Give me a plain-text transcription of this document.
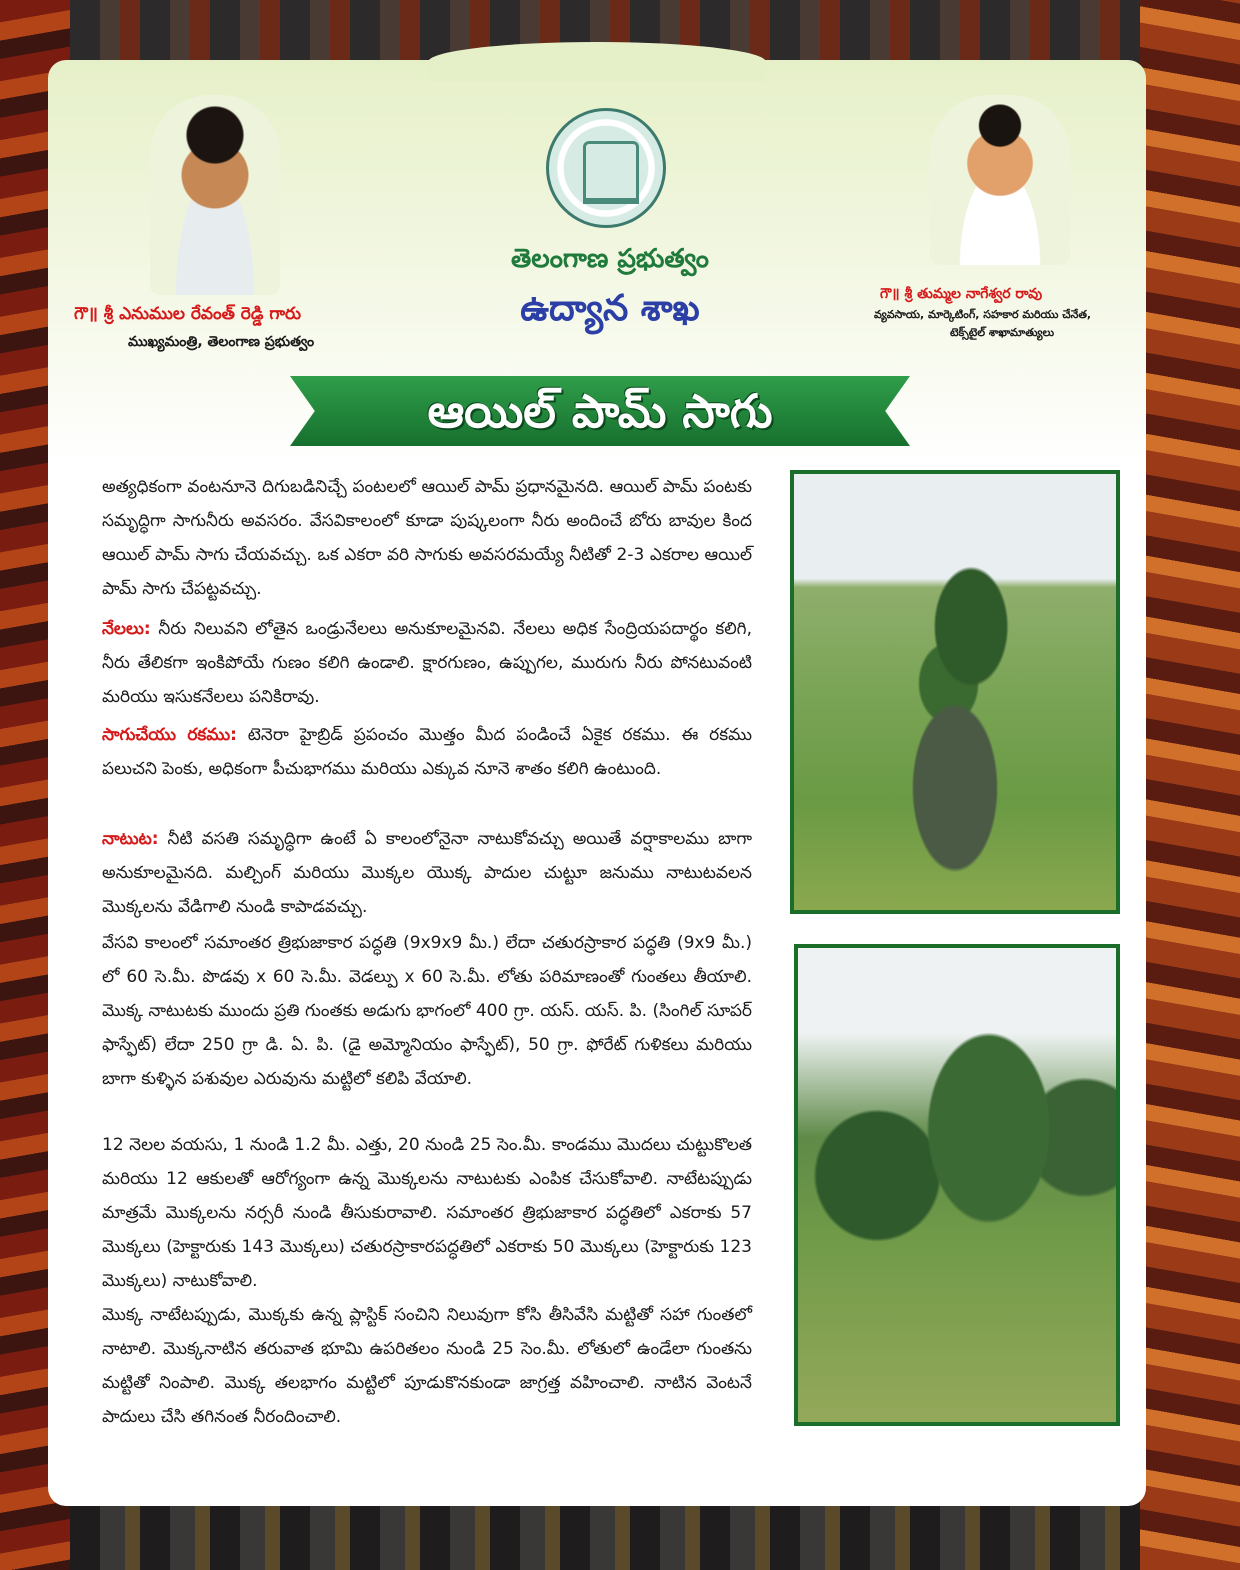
గౌ॥ శ్రీ ఎనుముల రేవంత్ రెడ్డి గారు
ముఖ్యమంత్రి, తెలంగాణ ప్రభుత్వం
గౌ॥ శ్రీ తుమ్మల నాగేశ్వర రావు
వ్యవసాయ, మార్కెటింగ్, సహకార మరియు చేనేత,
టెక్స్‌టైల్ శాఖామాత్యులు
తెలంగాణ ప్రభుత్వం
ఉద్యాన శాఖ
ఆయిల్ పామ్ సాగు

అత్యధికంగా వంటనూనె దిగుబడినిచ్చే పంటలలో ఆయిల్ పామ్ ప్రధానమైనది. ఆయిల్ పామ్ పంటకు సమృద్ధిగా సాగునీరు అవసరం. వేసవికాలంలో కూడా పుష్కలంగా నీరు అందించే బోరు బావుల కింద ఆయిల్ పామ్ సాగు చేయవచ్చు. ఒక ఎకరా వరి సాగుకు అవసరమయ్యే నీటితో 2-3 ఎకరాల ఆయిల్ పామ్ సాగు చేపట్టవచ్చు.

నేలలు: నీరు నిలువని లోతైన ఒండ్రునేలలు అనుకూలమైనవి. నేలలు అధిక సేంద్రియపదార్థం కలిగి, నీరు తేలికగా ఇంకిపోయే గుణం కలిగి ఉండాలి. క్షారగుణం, ఉప్పుగల, మురుగు నీరు పోనటువంటి మరియు ఇసుకనేలలు పనికిరావు.

సాగుచేయు రకము: టెనెరా హైబ్రిడ్ ప్రపంచం మొత్తం మీద పండించే ఏకైక రకము. ఈ రకము పలుచని పెంకు, అధికంగా పీచుభాగము మరియు ఎక్కువ నూనె శాతం కలిగి ఉంటుంది.

నాటుట: నీటి వసతి సమృద్ధిగా ఉంటే ఏ కాలంలోనైనా నాటుకోవచ్చు అయితే వర్షాకాలము బాగా అనుకూలమైనది. మల్చింగ్ మరియు మొక్కల యొక్క పాదుల చుట్టూ జనుము నాటుటవలన మొక్కలను వేడిగాలి నుండి కాపాడవచ్చు.

వేసవి కాలంలో సమాంతర త్రిభుజాకార పద్ధతి (9x9x9 మీ.) లేదా చతురస్రాకార పద్ధతి (9x9 మీ.) లో 60 సె.మీ. పొడవు x 60 సె.మీ. వెడల్పు x 60 సె.మీ. లోతు పరిమాణంతో గుంతలు తీయాలి. మొక్క నాటుటకు ముందు ప్రతి గుంతకు అడుగు భాగంలో 400 గ్రా. యస్. యస్. పి. (సింగిల్ సూపర్ ఫాస్ఫేట్) లేదా 250 గ్రా డి. ఏ. పి. (డై అమ్మోనియం ఫాస్ఫేట్), 50 గ్రా. ఫోరేట్ గుళికలు మరియు బాగా కుళ్ళిన పశువుల ఎరువును మట్టిలో కలిపి వేయాలి.

12 నెలల వయసు, 1 నుండి 1.2 మీ. ఎత్తు, 20 నుండి 25 సెం.మీ. కాండము మొదలు చుట్టుకొలత మరియు 12 ఆకులతో ఆరోగ్యంగా ఉన్న మొక్కలను నాటుటకు ఎంపిక చేసుకోవాలి. నాటేటప్పుడు మాత్రమే మొక్కలను నర్సరీ నుండి తీసుకురావాలి. సమాంతర త్రిభుజాకార పద్ధతిలో ఎకరాకు 57 మొక్కలు (హెక్టారుకు 143 మొక్కలు) చతురస్రాకారపద్ధతిలో ఎకరాకు 50 మొక్కలు (హెక్టారుకు 123 మొక్కలు) నాటుకోవాలి.

మొక్క నాటేటప్పుడు, మొక్కకు ఉన్న ప్లాస్టిక్ సంచిని నిలువుగా కోసి తీసివేసి మట్టితో సహా గుంతలో నాటాలి. మొక్కనాటిన తరువాత భూమి ఉపరితలం నుండి 25 సెం.మీ. లోతులో ఉండేలా గుంతను మట్టితో నింపాలి. మొక్క తలభాగం మట్టిలో పూడుకొనకుండా జాగ్రత్త వహించాలి. నాటిన వెంటనే పాదులు చేసి తగినంత నీరందించాలి.
